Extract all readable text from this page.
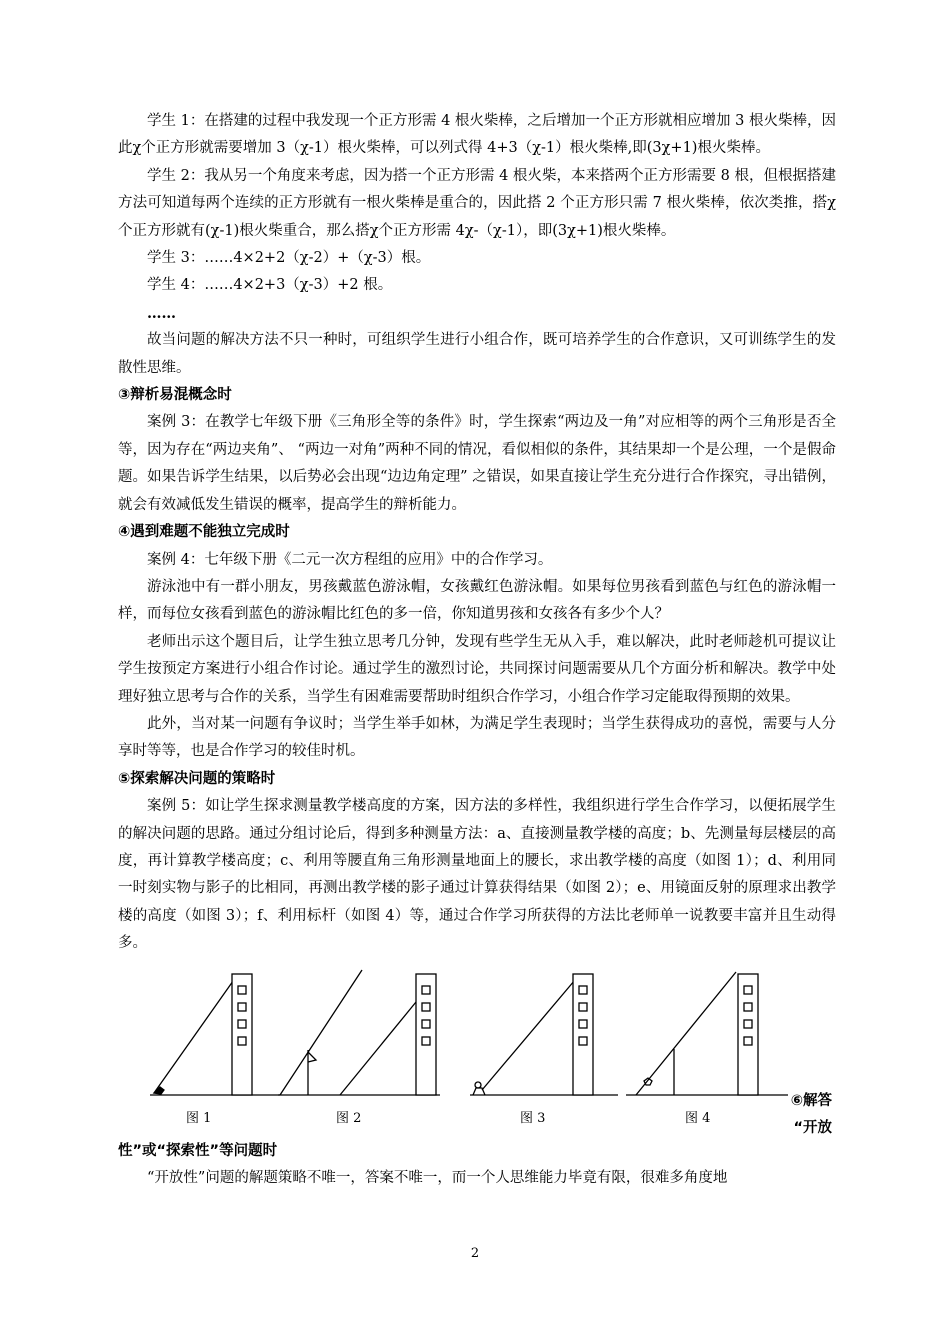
学生 1：在搭建的过程中我发现一个正方形需 4 根火柴棒，之后增加一个正方形就相应增加 3 根火柴棒，因此χ个正方形就需要增加 3（χ-1）根火柴棒，可以列式得 4+3（χ-1）根火柴棒,即(3χ+1)根火柴棒。

学生 2：我从另一个角度来考虑，因为搭一个正方形需 4 根火柴，本来搭两个正方形需要 8 根，但根据搭建方法可知道每两个连续的正方形就有一根火柴棒是重合的，因此搭 2 个正方形只需 7 根火柴棒，依次类推，搭χ个正方形就有(χ-1)根火柴重合，那么搭χ个正方形需 4χ-（χ-1），即(3χ+1)根火柴棒。

学生 3：……4×2+2（χ-2）+（χ-3）根。

学生 4：……4×2+3（χ-3）+2 根。

……

故当问题的解决方法不只一种时，可组织学生进行小组合作，既可培养学生的合作意识，又可训练学生的发散性思维。

③辩析易混概念时

案例 3：在教学七年级下册《三角形全等的条件》时，学生探索“两边及一角”对应相等的两个三角形是否全等，因为存在“两边夹角”、 “两边一对角”两种不同的情况，看似相似的条件，其结果却一个是公理，一个是假命题。如果告诉学生结果，以后势必会出现“边边角定理” 之错误，如果直接让学生充分进行合作探究，寻出错例，就会有效减低发生错误的概率，提高学生的辩析能力。

④遇到难题不能独立完成时

案例 4：七年级下册《二元一次方程组的应用》中的合作学习。

游泳池中有一群小朋友，男孩戴蓝色游泳帽，女孩戴红色游泳帽。如果每位男孩看到蓝色与红色的游泳帽一样，而每位女孩看到蓝色的游泳帽比红色的多一倍，你知道男孩和女孩各有多少个人？

老师出示这个题目后，让学生独立思考几分钟，发现有些学生无从入手，难以解决，此时老师趁机可提议让学生按预定方案进行小组合作讨论。通过学生的激烈讨论，共同探讨问题需要从几个方面分析和解决。教学中处理好独立思考与合作的关系，当学生有困难需要帮助时组织合作学习，小组合作学习定能取得预期的效果。

此外，当对某一问题有争议时；当学生举手如林，为满足学生表现时；当学生获得成功的喜悦，需要与人分享时等等，也是合作学习的较佳时机。

⑤探索解决问题的策略时

案例 5：如让学生探求测量教学楼高度的方案，因方法的多样性，我组织进行学生合作学习，以便拓展学生的解决问题的思路。通过分组讨论后，得到多种测量方法：a、直接测量教学楼的高度；b、先测量每层楼层的高度，再计算教学楼高度；c、利用等腰直角三角形测量地面上的腰长，求出教学楼的高度（如图 1）；d、利用同一时刻实物与影子的比相同，再测出教学楼的影子通过计算获得结果（如图 2）；e、用镜面反射的原理求出教学楼的高度（如图 3）；f、利用标杆（如图 4）等，通过合作学习所获得的方法比老师单一说教要丰富并且生动得多。

图 1	图 2	图 3	图 4
⑥解答
“开放
性”或“探索性”等问题时

“开放性”问题的解题策略不唯一，答案不唯一，而一个人思维能力毕竟有限，很难多角度地

2
